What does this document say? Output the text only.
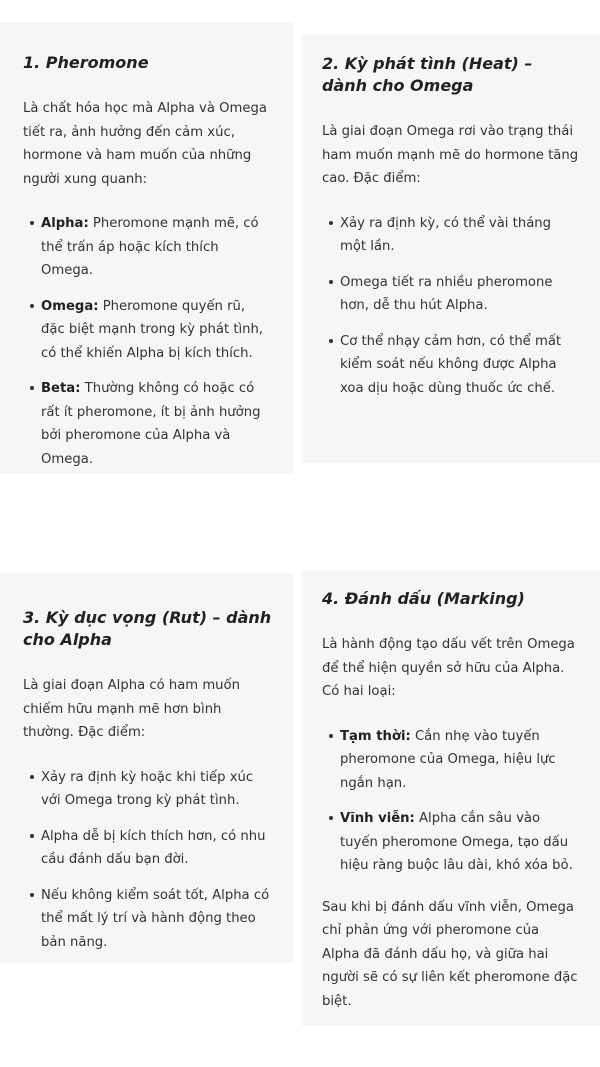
1. Pheromone

Là chất hóa học mà Alpha và Omega tiết ra, ảnh hưởng đến cảm xúc, hormone và ham muốn của những người xung quanh:

Alpha: Pheromone mạnh mẽ, có thể trấn áp hoặc kích thích Omega.
Omega: Pheromone quyến rũ, đặc biệt mạnh trong kỳ phát tình, có thể khiến Alpha bị kích thích.
Beta: Thường không có hoặc có rất ít pheromone, ít bị ảnh hưởng bởi pheromone của Alpha và Omega.
2. Kỳ phát tình (Heat) – dành cho Omega

Là giai đoạn Omega rơi vào trạng thái ham muốn mạnh mẽ do hormone tăng cao. Đặc điểm:

Xảy ra định kỳ, có thể vài tháng một lần.
Omega tiết ra nhiều pheromone hơn, dễ thu hút Alpha.
Cơ thể nhạy cảm hơn, có thể mất kiểm soát nếu không được Alpha xoa dịu hoặc dùng thuốc ức chế.
3. Kỳ dục vọng (Rut) – dành cho Alpha

Là giai đoạn Alpha có ham muốn chiếm hữu mạnh mẽ hơn bình thường. Đặc điểm:

Xảy ra định kỳ hoặc khi tiếp xúc với Omega trong kỳ phát tình.
Alpha dễ bị kích thích hơn, có nhu cầu đánh dấu bạn đời.
Nếu không kiểm soát tốt, Alpha có thể mất lý trí và hành động theo bản năng.
4. Đánh dấu (Marking)

Là hành động tạo dấu vết trên Omega để thể hiện quyền sở hữu của Alpha. Có hai loại:

Tạm thời: Cắn nhẹ vào tuyến pheromone của Omega, hiệu lực ngắn hạn.
Vĩnh viễn: Alpha cắn sâu vào tuyến pheromone Omega, tạo dấu hiệu ràng buộc lâu dài, khó xóa bỏ.

Sau khi bị đánh dấu vĩnh viễn, Omega chỉ phản ứng với pheromone của Alpha đã đánh dấu họ, và giữa hai người sẽ có sự liên kết pheromone đặc biệt.
